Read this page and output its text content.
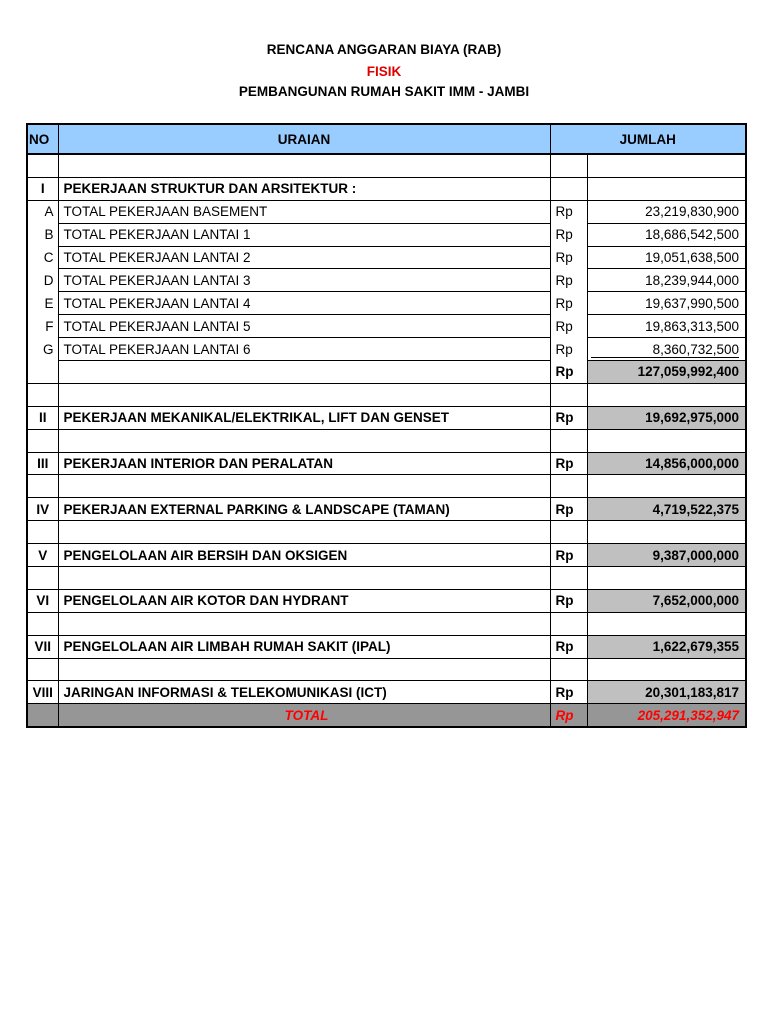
RENCANA ANGGARAN BIAYA (RAB)
FISIK
PEMBANGUNAN RUMAH SAKIT IMM - JAMBI
NO	URAIAN	JUMLAH	

I	PEKERJAAN STRUKTUR DAN ARSITEKTUR :		
A	TOTAL PEKERJAAN BASEMENT	Rp	23,219,830,900
B	TOTAL PEKERJAAN LANTAI 1	Rp	18,686,542,500
C	TOTAL PEKERJAAN LANTAI 2	Rp	19,051,638,500
D	TOTAL PEKERJAAN LANTAI 3	Rp	18,239,944,000
E	TOTAL PEKERJAAN LANTAI 4	Rp	19,637,990,500
F	TOTAL PEKERJAAN LANTAI 5	Rp	19,863,313,500
G	TOTAL PEKERJAAN LANTAI 6	Rp	8,360,732,500
		Rp	127,059,992,400

II	PEKERJAAN MEKANIKAL/ELEKTRIKAL, LIFT DAN GENSET	Rp	19,692,975,000

III	PEKERJAAN INTERIOR DAN PERALATAN	Rp	14,856,000,000

IV	PEKERJAAN EXTERNAL PARKING & LANDSCAPE (TAMAN)	Rp	4,719,522,375

V	PENGELOLAAN AIR BERSIH DAN OKSIGEN	Rp	9,387,000,000

VI	PENGELOLAAN AIR KOTOR DAN HYDRANT	Rp	7,652,000,000

VII	PENGELOLAAN AIR LIMBAH RUMAH SAKIT (IPAL)	Rp	1,622,679,355

VIII	JARINGAN INFORMASI & TELEKOMUNIKASI (ICT)	Rp	20,301,183,817
	TOTAL	Rp	205,291,352,947
